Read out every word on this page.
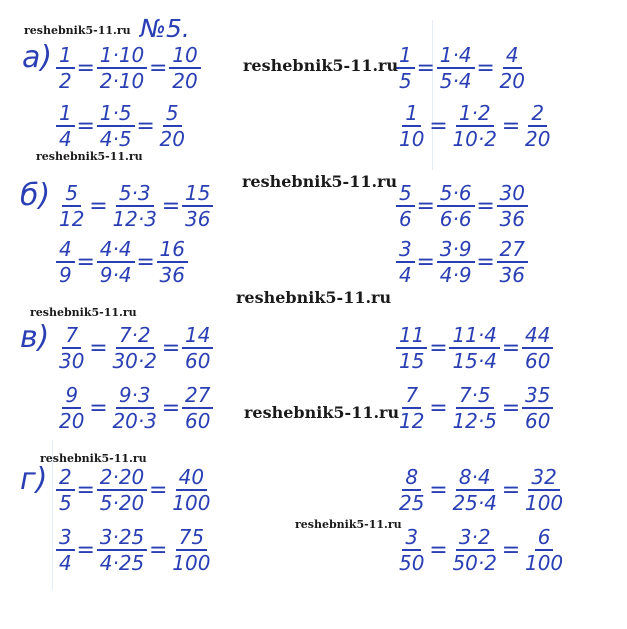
№5.
а)
б)
в)
г)
$\frac{1}{2} = \frac{1\cdot 10}{2\cdot 10} = \frac{10}{20}$
$\frac{1}{4} = \frac{1\cdot 5}{4\cdot 5} = \frac{5}{20}$
$\frac{1}{5} = \frac{1\cdot 4}{5\cdot 4} = \frac{4}{20}$
$\frac{1}{10} = \frac{1\cdot 2}{10\cdot 2} = \frac{2}{20}$
$\frac{5}{12} = \frac{5\cdot 3}{12\cdot 3} = \frac{15}{36}$
$\frac{4}{9} = \frac{4\cdot 4}{9\cdot 4} = \frac{16}{36}$
$\frac{5}{6} = \frac{5\cdot 6}{6\cdot 6} = \frac{30}{36}$
$\frac{3}{4} = \frac{3\cdot 9}{4\cdot 9} = \frac{27}{36}$
$\frac{7}{30} = \frac{7\cdot 2}{30\cdot 2} = \frac{14}{60}$
$\frac{9}{20} = \frac{9\cdot 3}{20\cdot 3} = \frac{27}{60}$
$\frac{11}{15} = \frac{11\cdot 4}{15\cdot 4} = \frac{44}{60}$
$\frac{7}{12} = \frac{7\cdot 5}{12\cdot 5} = \frac{35}{60}$
$\frac{2}{5} = \frac{2\cdot 20}{5\cdot 20} = \frac{40}{100}$
$\frac{3}{4} = \frac{3\cdot 25}{4\cdot 25} = \frac{75}{100}$
$\frac{8}{25} = \frac{8\cdot 4}{25\cdot 4} = \frac{32}{100}$
$\frac{3}{50} = \frac{3\cdot 2}{50\cdot 2} = \frac{6}{100}$
reshebnik5-11.ru
reshebnik5-11.ru
reshebnik5-11.ru
reshebnik5-11.ru
reshebnik5-11.ru
reshebnik5-11.ru
reshebnik5-11.ru
reshebnik5-11.ru
reshebnik5-11.ru
